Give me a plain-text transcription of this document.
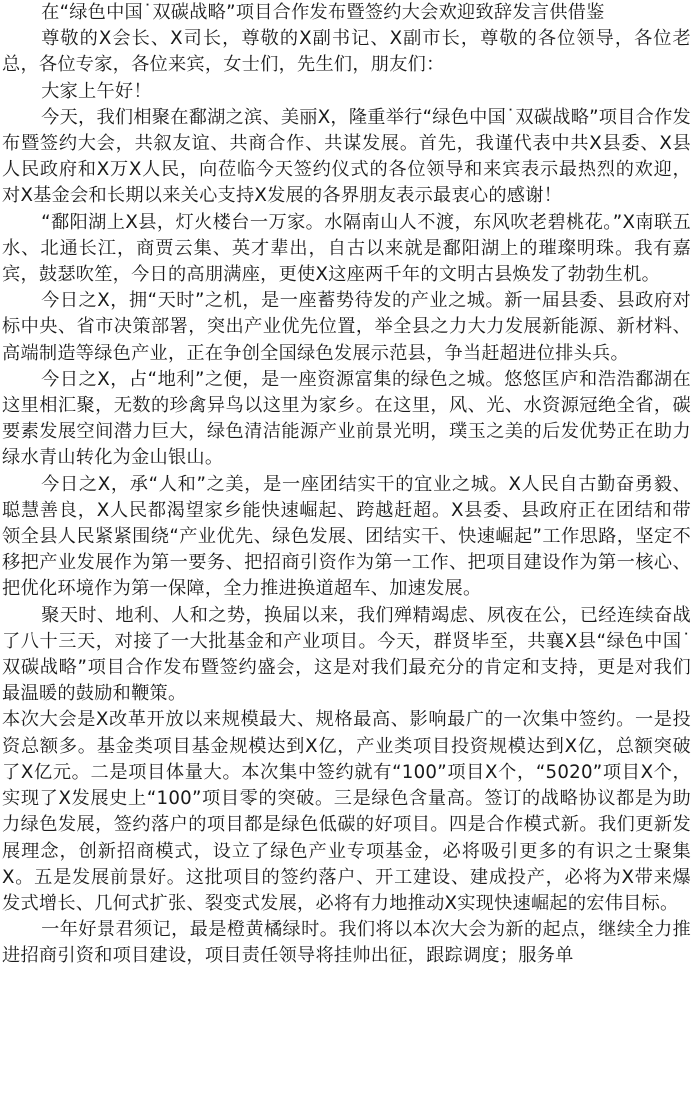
在“绿色中国˙双碳战略”项目合作发布暨签约大会欢迎致辞发言供借鉴

尊敬的X会长、X司长，尊敬的X副书记、X副市长，尊敬的各位领导，各位老总，各位专家，各位来宾，女士们，先生们，朋友们：

大家上午好！

今天，我们相聚在鄱湖之滨、美丽X，隆重举行“绿色中国˙双碳战略”项目合作发布暨签约大会，共叙友谊、共商合作、共谋发展。首先，我谨代表中共X县委、X县人民政府和X万X人民，向莅临今天签约仪式的各位领导和来宾表示最热烈的欢迎，对X基金会和长期以来关心支持X发展的各界朋友表示最衷心的感谢！

“鄱阳湖上X县，灯火楼台一万家。水隔南山人不渡，东风吹老碧桃花。”X南联五水、北通长江，商贾云集、英才辈出，自古以来就是鄱阳湖上的璀璨明珠。我有嘉宾，鼓瑟吹笙，今日的高朋满座，更使X这座两千年的文明古县焕发了勃勃生机。

今日之X，拥“天时”之机，是一座蓄势待发的产业之城。新一届县委、县政府对标中央、省市决策部署，突出产业优先位置，举全县之力大力发展新能源、新材料、高端制造等绿色产业，正在争创全国绿色发展示范县，争当赶超进位排头兵。

今日之X，占“地利”之便，是一座资源富集的绿色之城。悠悠匡庐和浩浩鄱湖在这里相汇聚，无数的珍禽异鸟以这里为家乡。在这里，风、光、水资源冠绝全省，碳要素发展空间潜力巨大，绿色清洁能源产业前景光明，璞玉之美的后发优势正在助力绿水青山转化为金山银山。

今日之X，承“人和”之美，是一座团结实干的宜业之城。X人民自古勤奋勇毅、聪慧善良，X人民都渴望家乡能快速崛起、跨越赶超。X县委、县政府正在团结和带领全县人民紧紧围绕“产业优先、绿色发展、团结实干、快速崛起”工作思路，坚定不移把产业发展作为第一要务、把招商引资作为第一工作、把项目建设作为第一核心、把优化环境作为第一保障，全力推进换道超车、加速发展。

聚天时、地利、人和之势，换届以来，我们殚精竭虑、夙夜在公，已经连续奋战了八十三天，对接了一大批基金和产业项目。今天，群贤毕至，共襄X县“绿色中国˙双碳战略”项目合作发布暨签约盛会，这是对我们最充分的肯定和支持，更是对我们最温暖的鼓励和鞭策。

本次大会是X改革开放以来规模最大、规格最高、影响最广的一次集中签约。一是投资总额多。基金类项目基金规模达到X亿，产业类项目投资规模达到X亿，总额突破了X亿元。二是项目体量大。本次集中签约就有“100”项目X个，“5020”项目X个，实现了X发展史上“100”项目零的突破。三是绿色含量高。签订的战略协议都是为助力绿色发展，签约落户的项目都是绿色低碳的好项目。四是合作模式新。我们更新发展理念，创新招商模式，设立了绿色产业专项基金，必将吸引更多的有识之士聚集X。五是发展前景好。这批项目的签约落户、开工建设、建成投产，必将为X带来爆发式增长、几何式扩张、裂变式发展，必将有力地推动X实现快速崛起的宏伟目标。

一年好景君须记，最是橙黄橘绿时。我们将以本次大会为新的起点，继续全力推进招商引资和项目建设，项目责任领导将挂帅出征，跟踪调度；服务单
